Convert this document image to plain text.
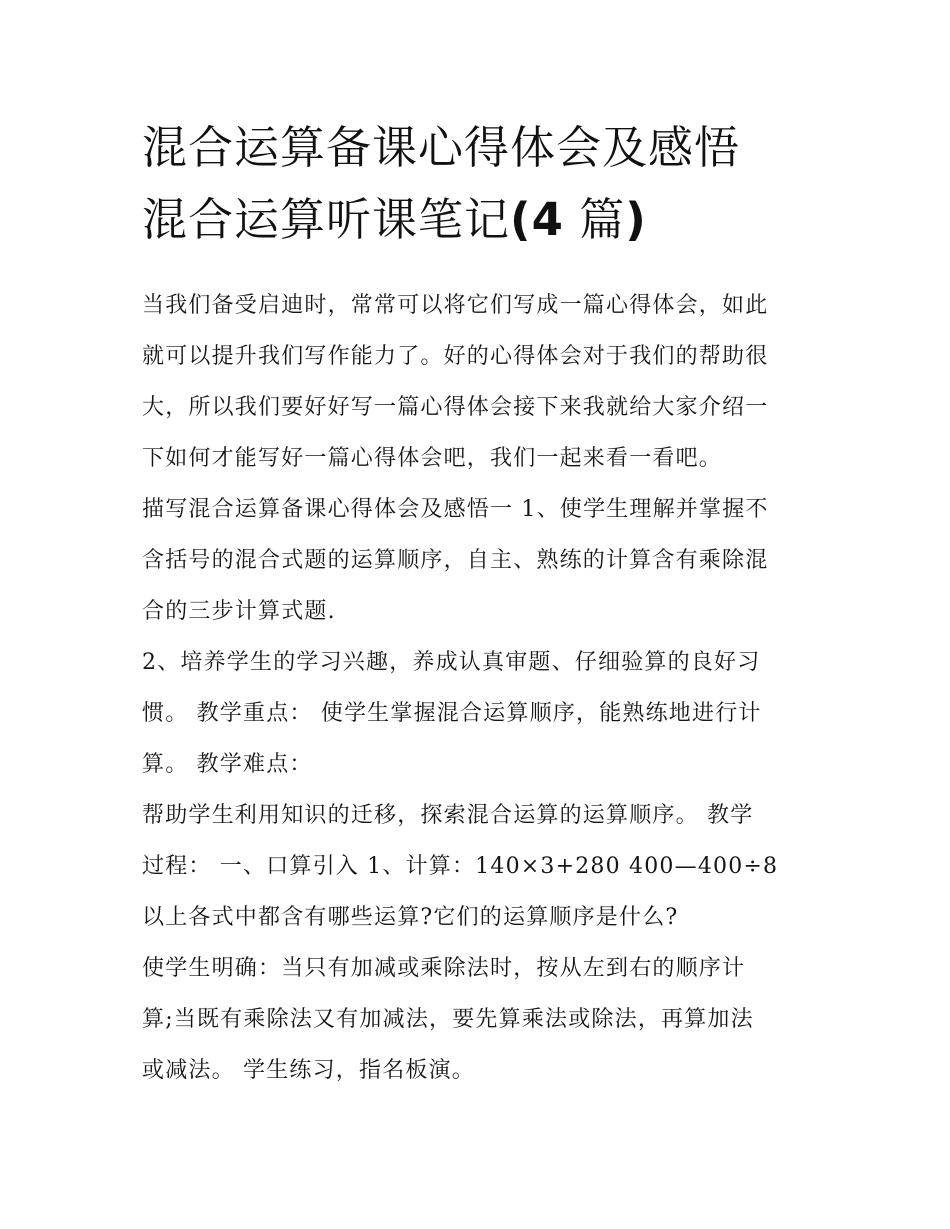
混合运算备课心得体会及感悟
混合运算听课笔记(4 篇)

当我们备受启迪时，常常可以将它们写成一篇心得体会，如此
就可以提升我们写作能力了。好的心得体会对于我们的帮助很
大，所以我们要好好写一篇心得体会接下来我就给大家介绍一
下如何才能写好一篇心得体会吧，我们一起来看一看吧。

描写混合运算备课心得体会及感悟一 1、使学生理解并掌握不
含括号的混合式题的运算顺序，自主、熟练的计算含有乘除混
合的三步计算式题.

2、培养学生的学习兴趣，养成认真审题、仔细验算的良好习
惯。 教学重点： 使学生掌握混合运算顺序，能熟练地进行计
算。 教学难点：

帮助学生利用知识的迁移，探索混合运算的运算顺序。 教学
过程： 一、口算引入 1、计算：140×3+280 400—400÷8

以上各式中都含有哪些运算?它们的运算顺序是什么?

使学生明确：当只有加减或乘除法时，按从左到右的顺序计
算;当既有乘除法又有加减法，要先算乘法或除法，再算加法
或减法。 学生练习，指名板演。
